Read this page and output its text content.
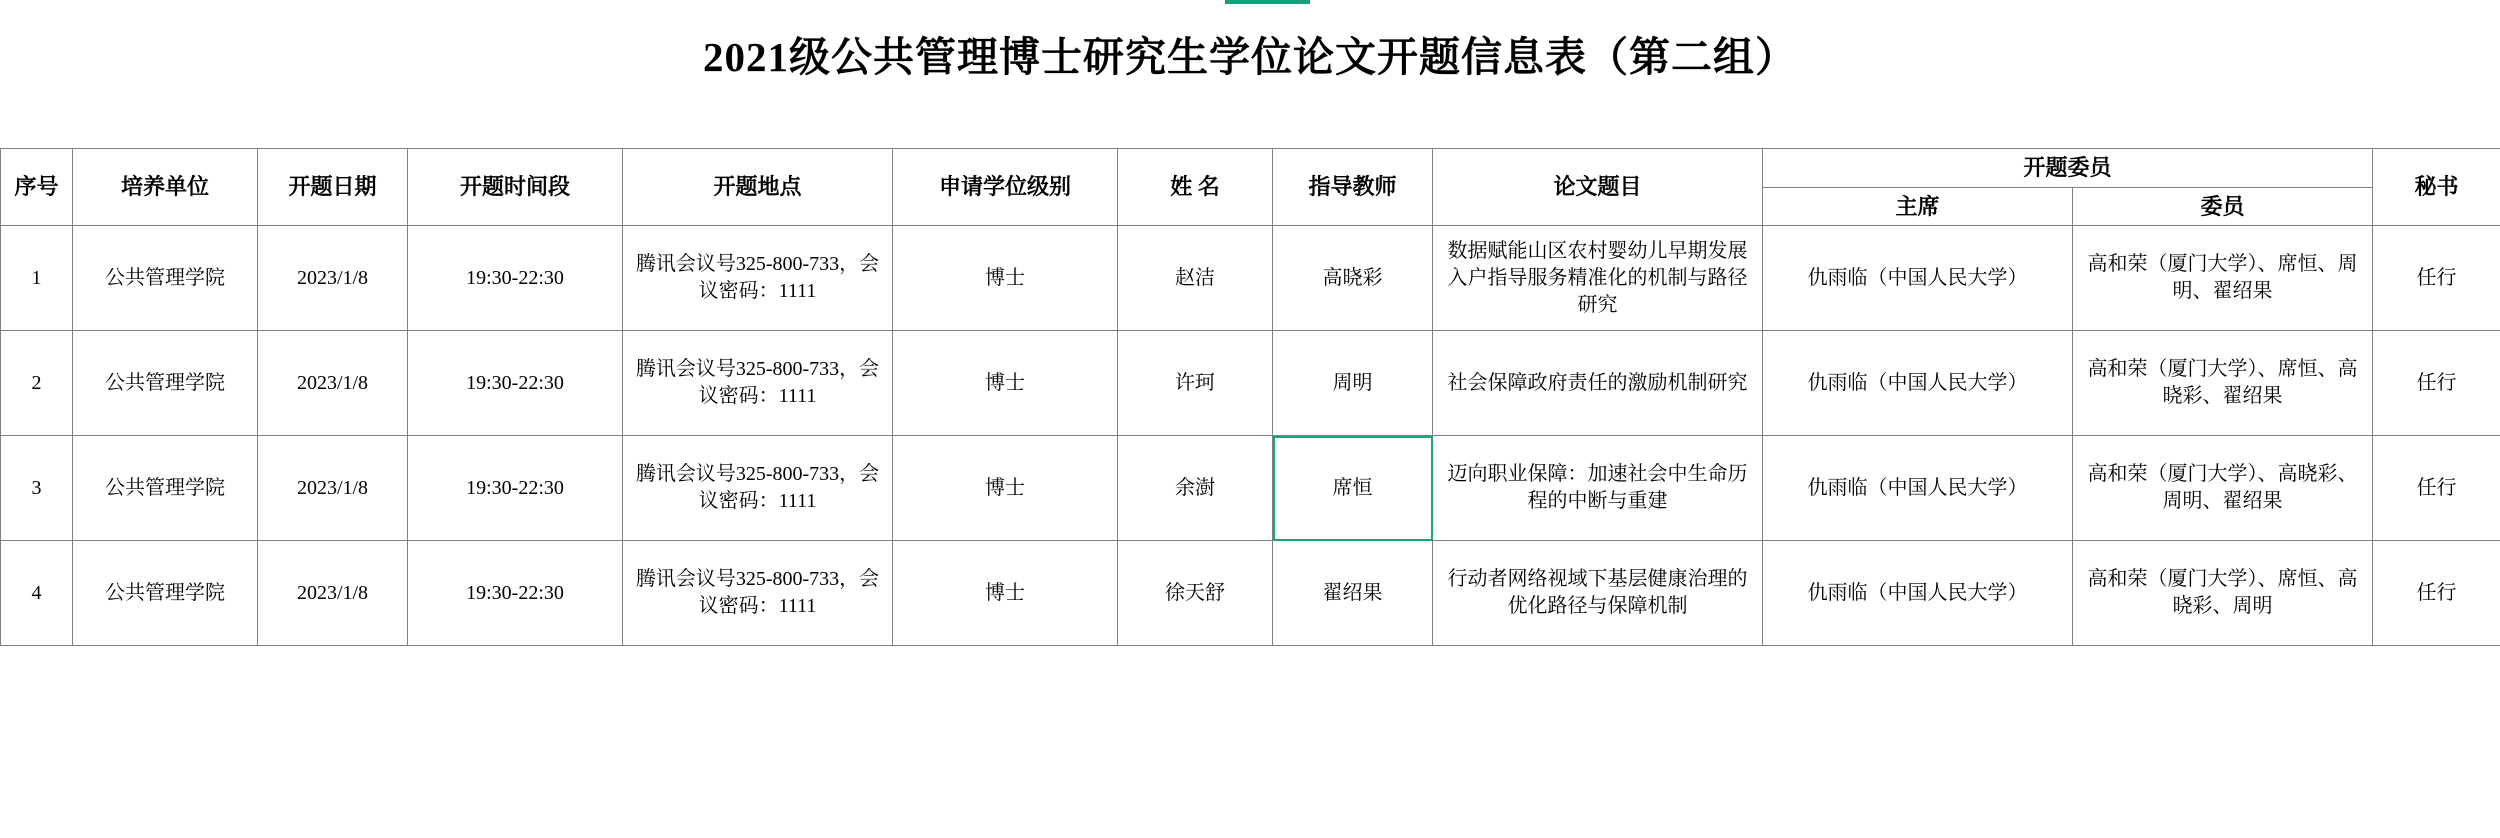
2021级公共管理博士研究生学位论文开题信息表（第二组）
序号	培养单位	开题日期	开题时间段	开题地点	申请学位级别	姓 名	指导教师	论文题目	开题委员		秘书
									主席	委员	
1	公共管理学院	2023/1/8	19:30-22:30	腾讯会议号325-800-733，会议密码：1111	博士	赵洁	高晓彩	数据赋能山区农村婴幼儿早期发展入户指导服务精准化的机制与路径研究	仇雨临（中国人民大学）	高和荣（厦门大学）、席恒、周明、翟绍果	任行
2	公共管理学院	2023/1/8	19:30-22:30	腾讯会议号325-800-733，会议密码：1111	博士	许珂	周明	社会保障政府责任的激励机制研究	仇雨临（中国人民大学）	高和荣（厦门大学）、席恒、高晓彩、翟绍果	任行
3	公共管理学院	2023/1/8	19:30-22:30	腾讯会议号325-800-733，会议密码：1111	博士	余澍	席恒	迈向职业保障：加速社会中生命历程的中断与重建	仇雨临（中国人民大学）	高和荣（厦门大学）、高晓彩、周明、翟绍果	任行
4	公共管理学院	2023/1/8	19:30-22:30	腾讯会议号325-800-733，会议密码：1111	博士	徐天舒	翟绍果	行动者网络视域下基层健康治理的优化路径与保障机制	仇雨临（中国人民大学）	高和荣（厦门大学）、席恒、高晓彩、周明	任行
